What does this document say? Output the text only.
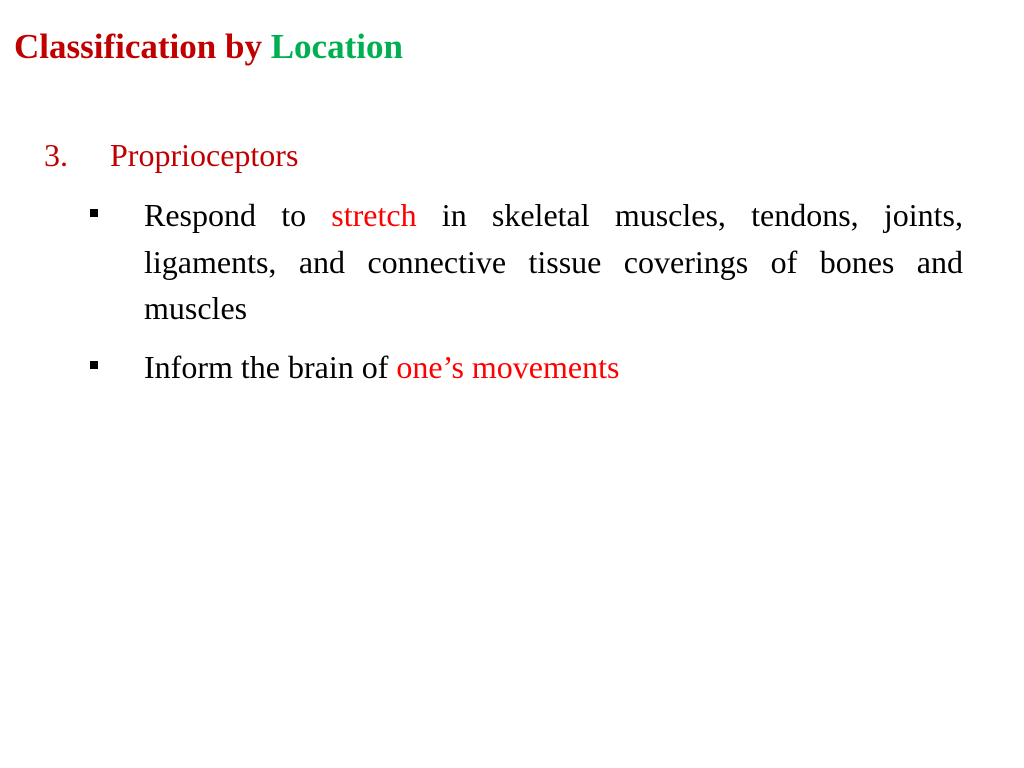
Classification by Location
3. Proprioceptors
Respond to stretch in skeletal muscles, tendons, joints, ligaments, and connective tissue coverings of bones and muscles
Inform the brain of one’s movements
